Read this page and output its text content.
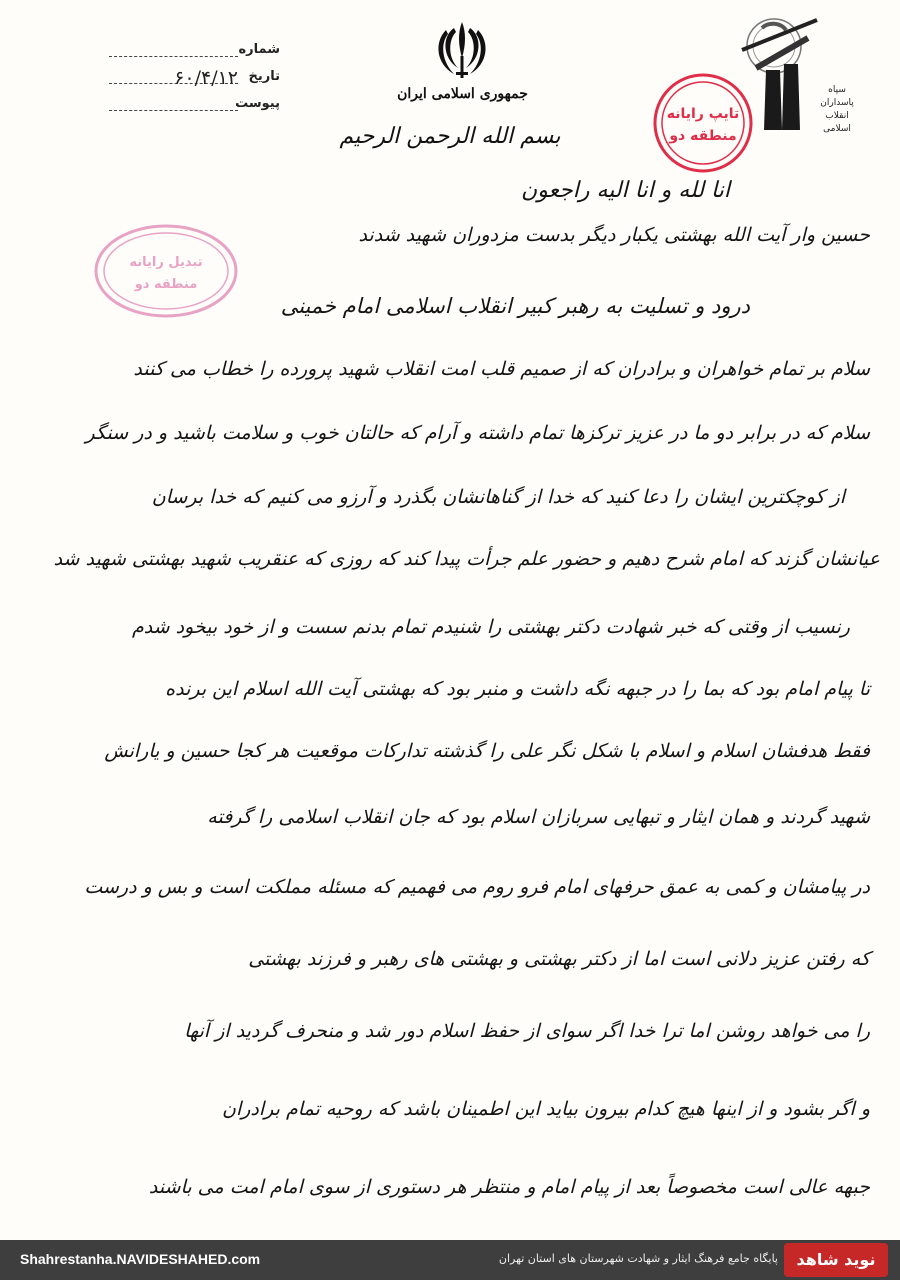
شماره
تاریخ
۶۰/۴/۱۲
پیوست
جمهوری اسلامی ایران
بسم الله الرحمن الرحیم
سپاه
پاسداران
انقلاب
اسلامی
تایپ رایانه
منطقه دو
تبدیل رایانه
منطقه دو
انا لله و انا الیه راجعون
حسین وار آیت الله بهشتی یکبار دیگر بدست مزدوران شهید شدند
درود و تسلیت به رهبر کبیر انقلاب اسلامی امام خمینی
سلام بر تمام خواهران و برادران که از صمیم قلب امت انقلاب شهید پرورده را خطاب می کنند
سلام که در برابر دو ما در عزیز ترکزها تمام داشته و آرام که حالتان خوب و سلامت باشید و در سنگر
از کوچکترین ایشان را دعا کنید که خدا از گناهانشان بگذرد و آرزو می کنیم که خدا برسان
عیانشان گزند که امام شرح دهیم و حضور علم جرأت پیدا کند که روزی که عنقریب شهید بهشتی شهید شد
رنسیب از وقتی که خبر شهادت دکتر بهشتی را شنیدم تمام بدنم سست و از خود بیخود شدم
تا پیام امام بود که بما را در جبهه نگه داشت و منبر بود که بهشتی آیت الله اسلام این برنده
فقط هدفشان اسلام و اسلام با شکل نگر علی را گذشته تدارکات موقعیت هر کجا حسین و یارانش
شهید گردند و همان ایثار و تبهایی سربازان اسلام بود که جان انقلاب اسلامی را گرفته
در پیامشان و کمی به عمق حرفهای امام فرو روم می فهمیم که مسئله مملکت است و بس و درست
که رفتن عزیز دلانی است اما از دکتر بهشتی و بهشتی های رهبر و فرزند بهشتی
را می خواهد روشن اما ترا خدا اگر سوای از حفظ اسلام دور شد و منحرف گردید از آنها
و اگر بشود و از اینها هیچ کدام بیرون بیاید این اطمینان باشد که روحیه تمام برادران
جبهه عالی است مخصوصاً بعد از پیام امام و منتظر هر دستوری از سوی امام امت می باشند
Shahrestanha.NAVIDESHAHED.com	پایگاه جامع فرهنگ ایثار و شهادت شهرستان های استان تهران	نوید شاهد
